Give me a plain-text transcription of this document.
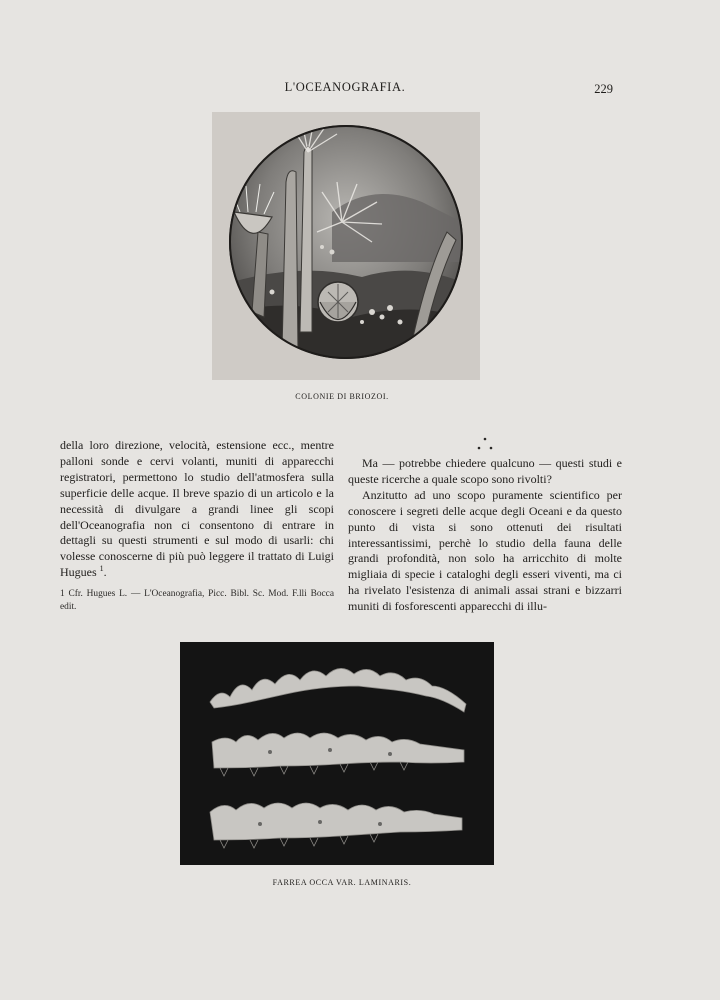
L'OCEANOGRAFIA.	229
COLONIE DI BRIOZOI.

della loro direzione, velocità, estensione ecc., mentre palloni sonde e cervi volanti, muniti di apparecchi registratori, permettono lo studio dell'atmosfera sulla superficie delle acque. Il breve spazio di un articolo e la necessità di divulgare a grandi linee gli scopi dell'Oceanografia non ci consentono di entrare in dettagli su questi strumenti e sul modo di usarli: chi volesse conoscerne di più può leggere il trattato di Luigi Hugues $^1$.

1 Cfr. Hugues L. — L'Oceanografia, Picc. Bibl. Sc. Mod. F.lli Bocca edit.

Ma — potrebbe chiedere qualcuno — questi studi e queste ricerche a quale scopo sono rivolti?

Anzitutto ad uno scopo puramente scientifico per conoscere i segreti delle acque degli Oceani e da questo punto di vista si sono ottenuti dei risultati interessantissimi, perchè lo studio della fauna delle grandi profondità, non solo ha arricchito di molte migliaia di specie i cataloghi degli esseri viventi, ma ci ha rivelato l'esistenza di animali assai strani e bizzarri muniti di fosforescenti apparecchi di illu-

FARREA OCCA VAR. LAMINARIS.
